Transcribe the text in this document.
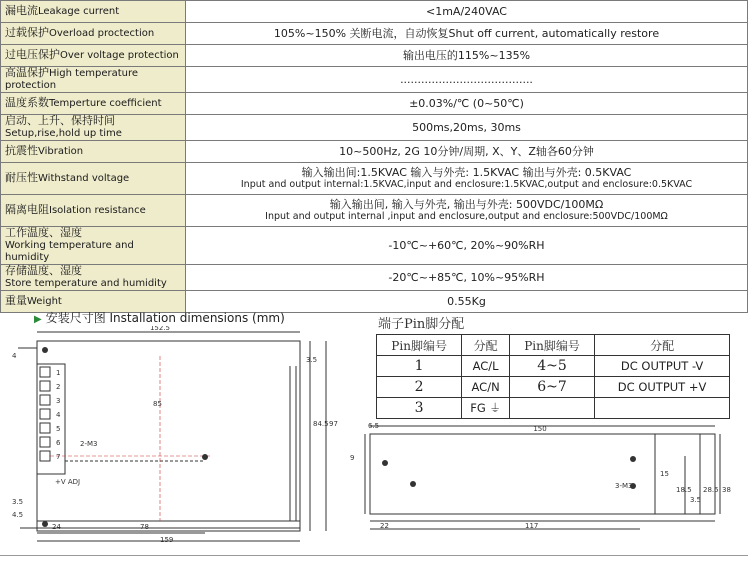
漏电流Leakage current	<1mA/240VAC

过载保护Overload proctection	105%~150% 关断电流，自动恢复Shut off current, automatically restore

过电压保护Over voltage protection	输出电压的115%~135%

高温保护High temperature protection	......................................

温度系数Temperture coefficient	±0.03%/℃ (0~50℃)

启动、上升、保持时间
Setup,rise,hold up time	500ms,20ms, 30ms

抗震性Vibration	10~500Hz, 2G 10分钟/周期, X、Y、Z轴各60分钟

耐压性Withstand voltage	输入输出间:1.5KVAC 输入与外壳: 1.5KVAC 输出与外壳: 0.5KVAC
Input and output internal:1.5KVAC,input and enclosure:1.5KVAC,output and enclosure:0.5KVAC

隔离电阻Isolation resistance	输入输出间, 输入与外壳, 输出与外壳: 500VDC/100MΩ
Input and output internal ,input and enclosure,output and enclosure:500VDC/100MΩ

工作温度、湿度
Working temperature and humidity	-10℃~+60℃, 20%~90%RH

存储温度、湿度
Store temperature and humidity	-20℃~+85℃, 10%~95%RH

重量Weight	0.55Kg
▶ 安装尺寸图 Installation dimensions (mm)	端子Pin脚分配
Pin脚编号	分配	Pin脚编号	分配
1	AC/L	4~5	DC OUTPUT -V
2	AC/N	6~7	DC OUTPUT +V
3	FG ⏚		
1
2
3
4
5
6
7
152.5
85
84.5 97
3.5
4
3.5
4.5
24	78
159
2-M3
+V ADJ
6.5	150
9
15
18.5
3.5
28.5 38
22	117
3-M3
